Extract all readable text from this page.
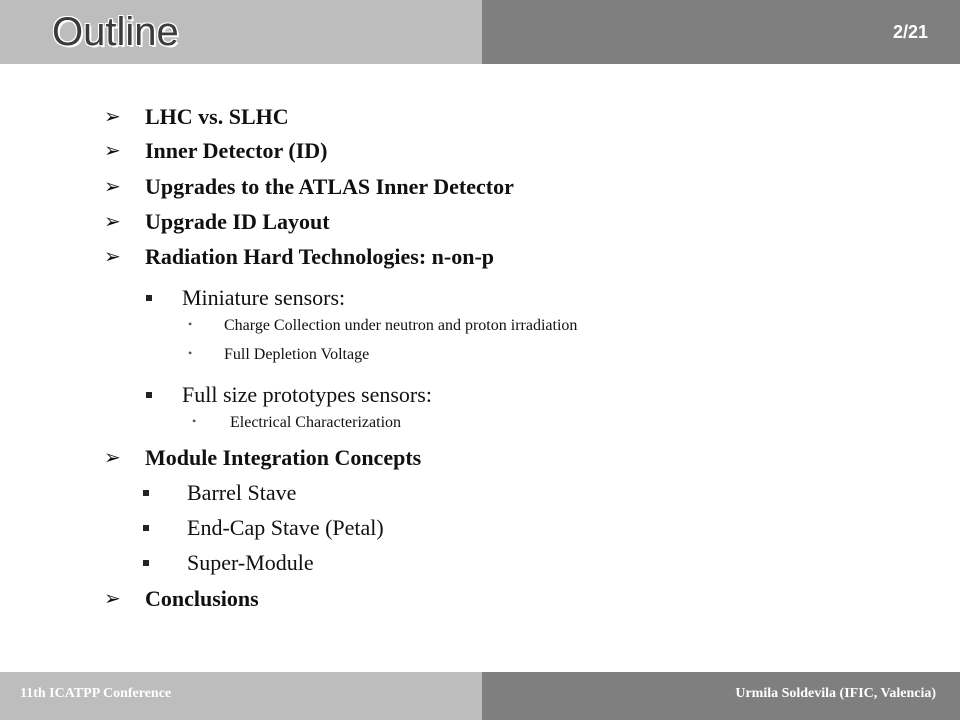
Outline	2/21
➢ LHC vs. SLHC
➢ Inner Detector (ID)
➢ Upgrades to the ATLAS Inner Detector
➢ Upgrade ID Layout
➢ Radiation Hard Technologies: n-on-p
Miniature sensors:
• Charge Collection under neutron and proton irradiation
• Full Depletion Voltage
Full size prototypes sensors:
• Electrical Characterization
➢ Module Integration Concepts
Barrel Stave
End-Cap Stave (Petal)
Super-Module
➢ Conclusions
11th ICATPP Conference	Urmila Soldevila (IFIC, Valencia)
